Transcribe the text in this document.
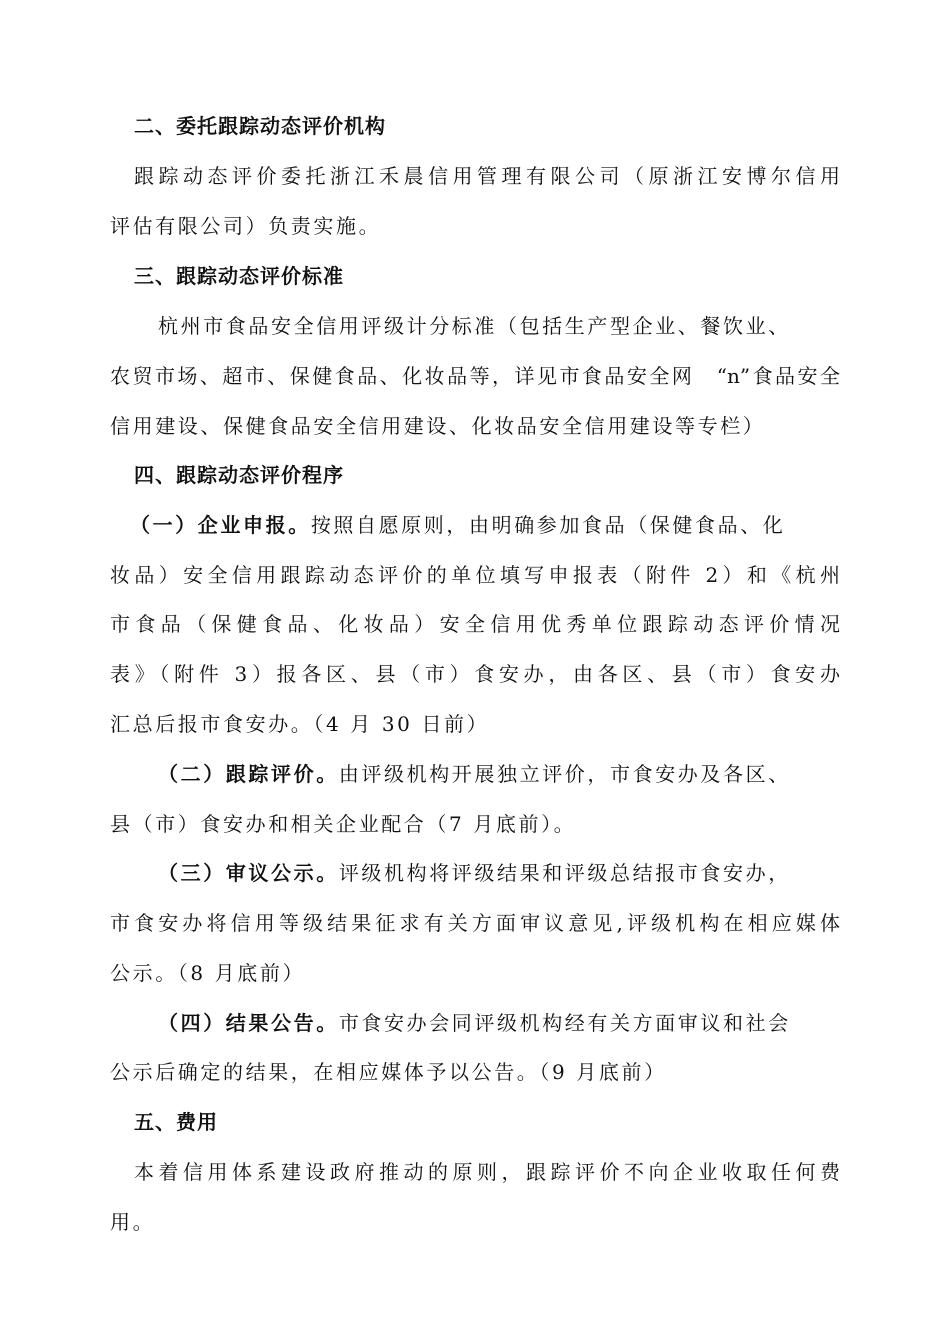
二、委托跟踪动态评价机构
跟踪动态评价委托浙江禾晨信用管理有限公司（原浙江安博尔信用
评估有限公司）负责实施。
三、跟踪动态评价标准
杭州市食品安全信用评级计分标准（包括生产型企业、餐饮业、
农贸市场、超市、保健食品、化妆品等，详见市食品安全网　“n”食品安全
信用建设、保健食品安全信用建设、化妆品安全信用建设等专栏）
四、跟踪动态评价程序
（一）企业申报。按照自愿原则，由明确参加食品（保健食品、化
妆品）安全信用跟踪动态评价的单位填写申报表（附件 2）和《杭州
市食品（保健食品、化妆品）安全信用优秀单位跟踪动态评价情况
表》（附件 3）报各区、县（市）食安办，由各区、县（市）食安办
汇总后报市食安办。（4 月 30 日前）
（二）跟踪评价。由评级机构开展独立评价，市食安办及各区、
县（市）食安办和相关企业配合（7 月底前）。
（三）审议公示。评级机构将评级结果和评级总结报市食安办，
市食安办将信用等级结果征求有关方面审议意见,评级机构在相应媒体
公示。（8 月底前）
（四）结果公告。市食安办会同评级机构经有关方面审议和社会
公示后确定的结果，在相应媒体予以公告。（9 月底前）
五、费用
本着信用体系建设政府推动的原则，跟踪评价不向企业收取任何费
用。
